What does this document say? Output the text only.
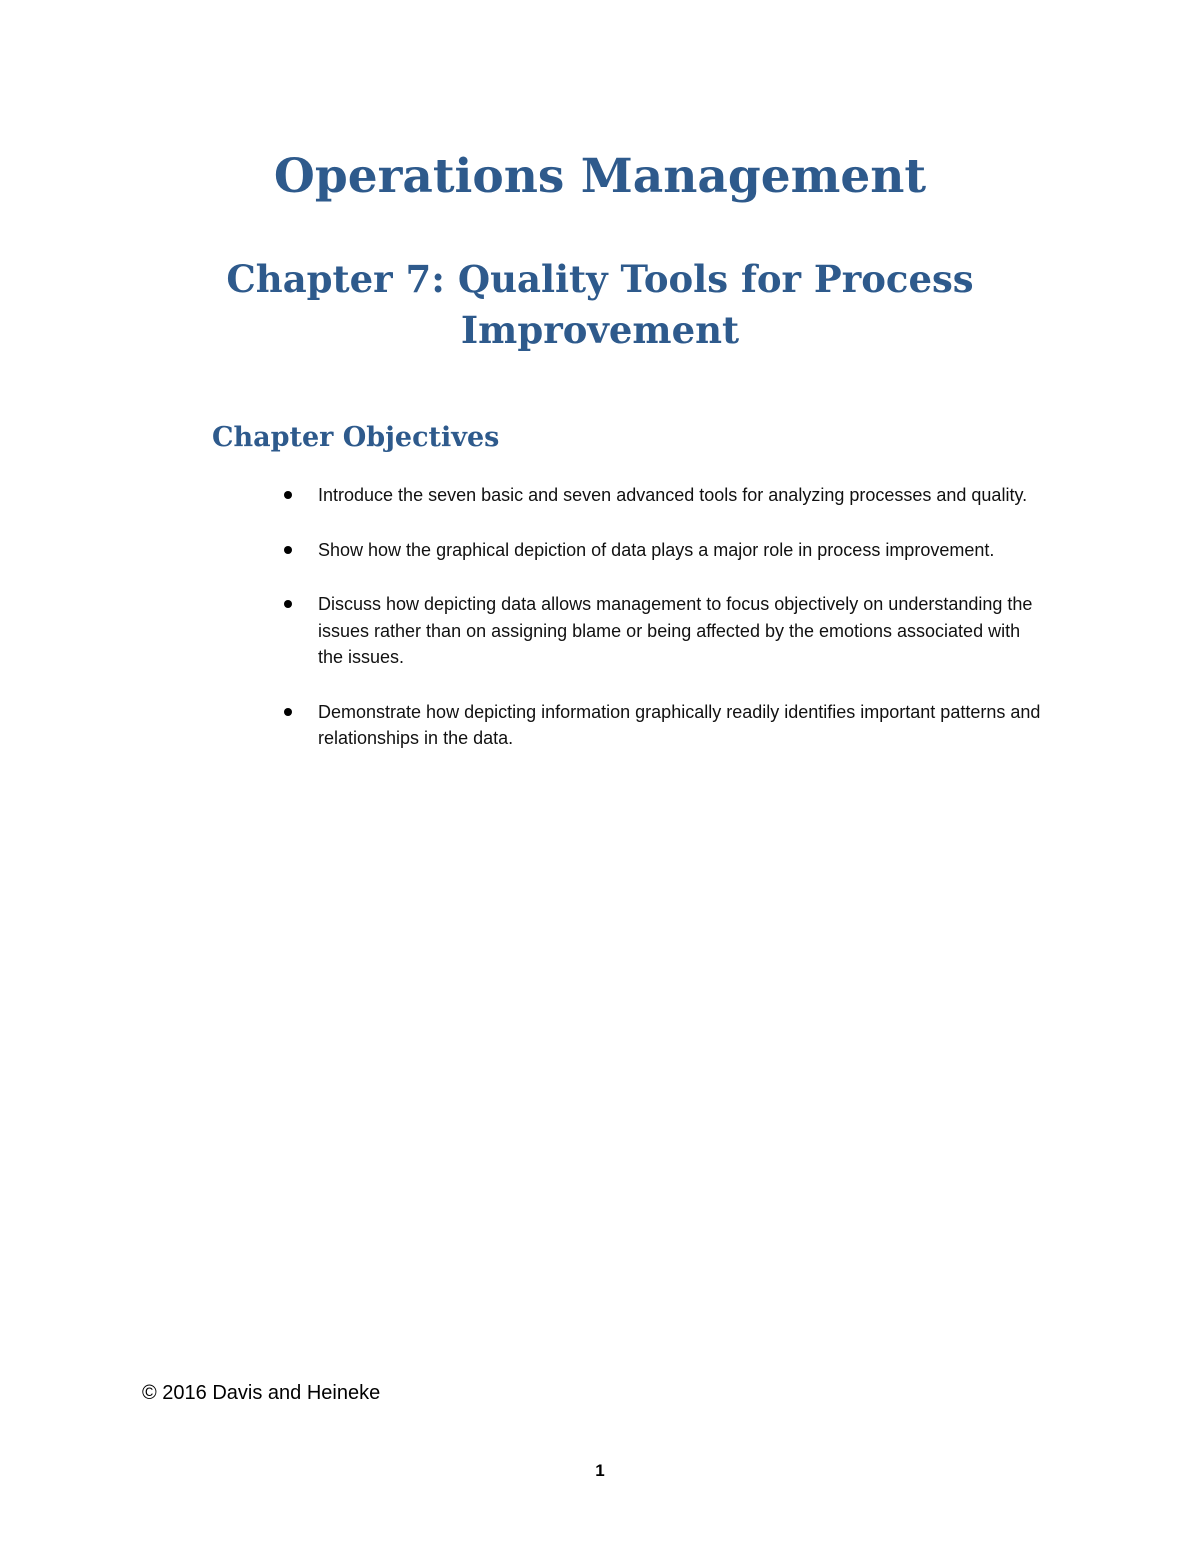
Operations Management
Chapter 7: Quality Tools for Process Improvement
Chapter Objectives
Introduce the seven basic and seven advanced tools for analyzing processes and quality.
Show how the graphical depiction of data plays a major role in process improvement.
Discuss how depicting data allows management to focus objectively on understanding the issues rather than on assigning blame or being affected by the emotions associated with the issues.
Demonstrate how depicting information graphically readily identifies important patterns and relationships in the data.
© 2016 Davis and Heineke
1
